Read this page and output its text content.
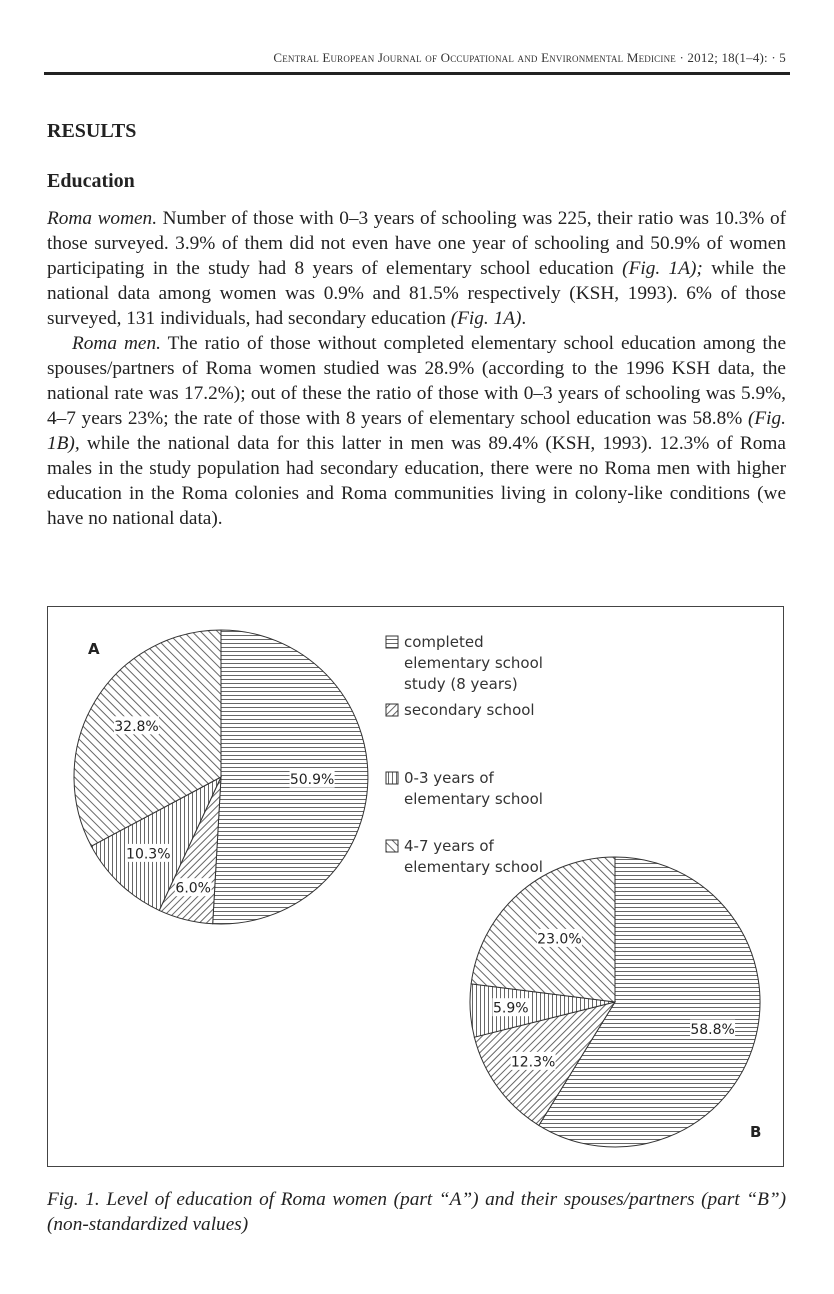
Central European Journal of Occupational and Environmental Medicine · 2012; 18(1–4): · 5
RESULTS
Education

Roma women. Number of those with 0–3 years of schooling was 225, their ratio was 10.3% of those surveyed. 3.9% of them did not even have one year of schooling and 50.9% of women participating in the study had 8 years of elementary school education (Fig. 1A); while the national data among women was 0.9% and 81.5% respectively (KSH, 1993). 6% of those surveyed, 131 individuals, had secondary education (Fig. 1A).

Roma men. The ratio of those without completed elementary school education among the spouses/partners of Roma women studied was 28.9% (according to the 1996 KSH data, the national rate was 17.2%); out of these the ratio of those with 0–3 years of schooling was 5.9%, 4–7 years 23%; the rate of those with 8 years of elementary school education was 58.8% (Fig. 1B), while the national data for this latter in men was 89.4% (KSH, 1993). 12.3% of Roma males in the study population had secondary education, there were no Roma men with higher education in the Roma colonies and Roma communities living in colony-like conditions (we have no national data).

A
B
50.9%
6.0%
10.3%
32.8%
58.8%
12.3%
5.9%
23.0%
completed
elementary school
study (8 years)
secondary school
0-3 years of
elementary school
4-7 years of
elementary school
Fig. 1. Level of education of Roma women (part “A”) and their spouses/partners (part “B”) (non-standardized values)
